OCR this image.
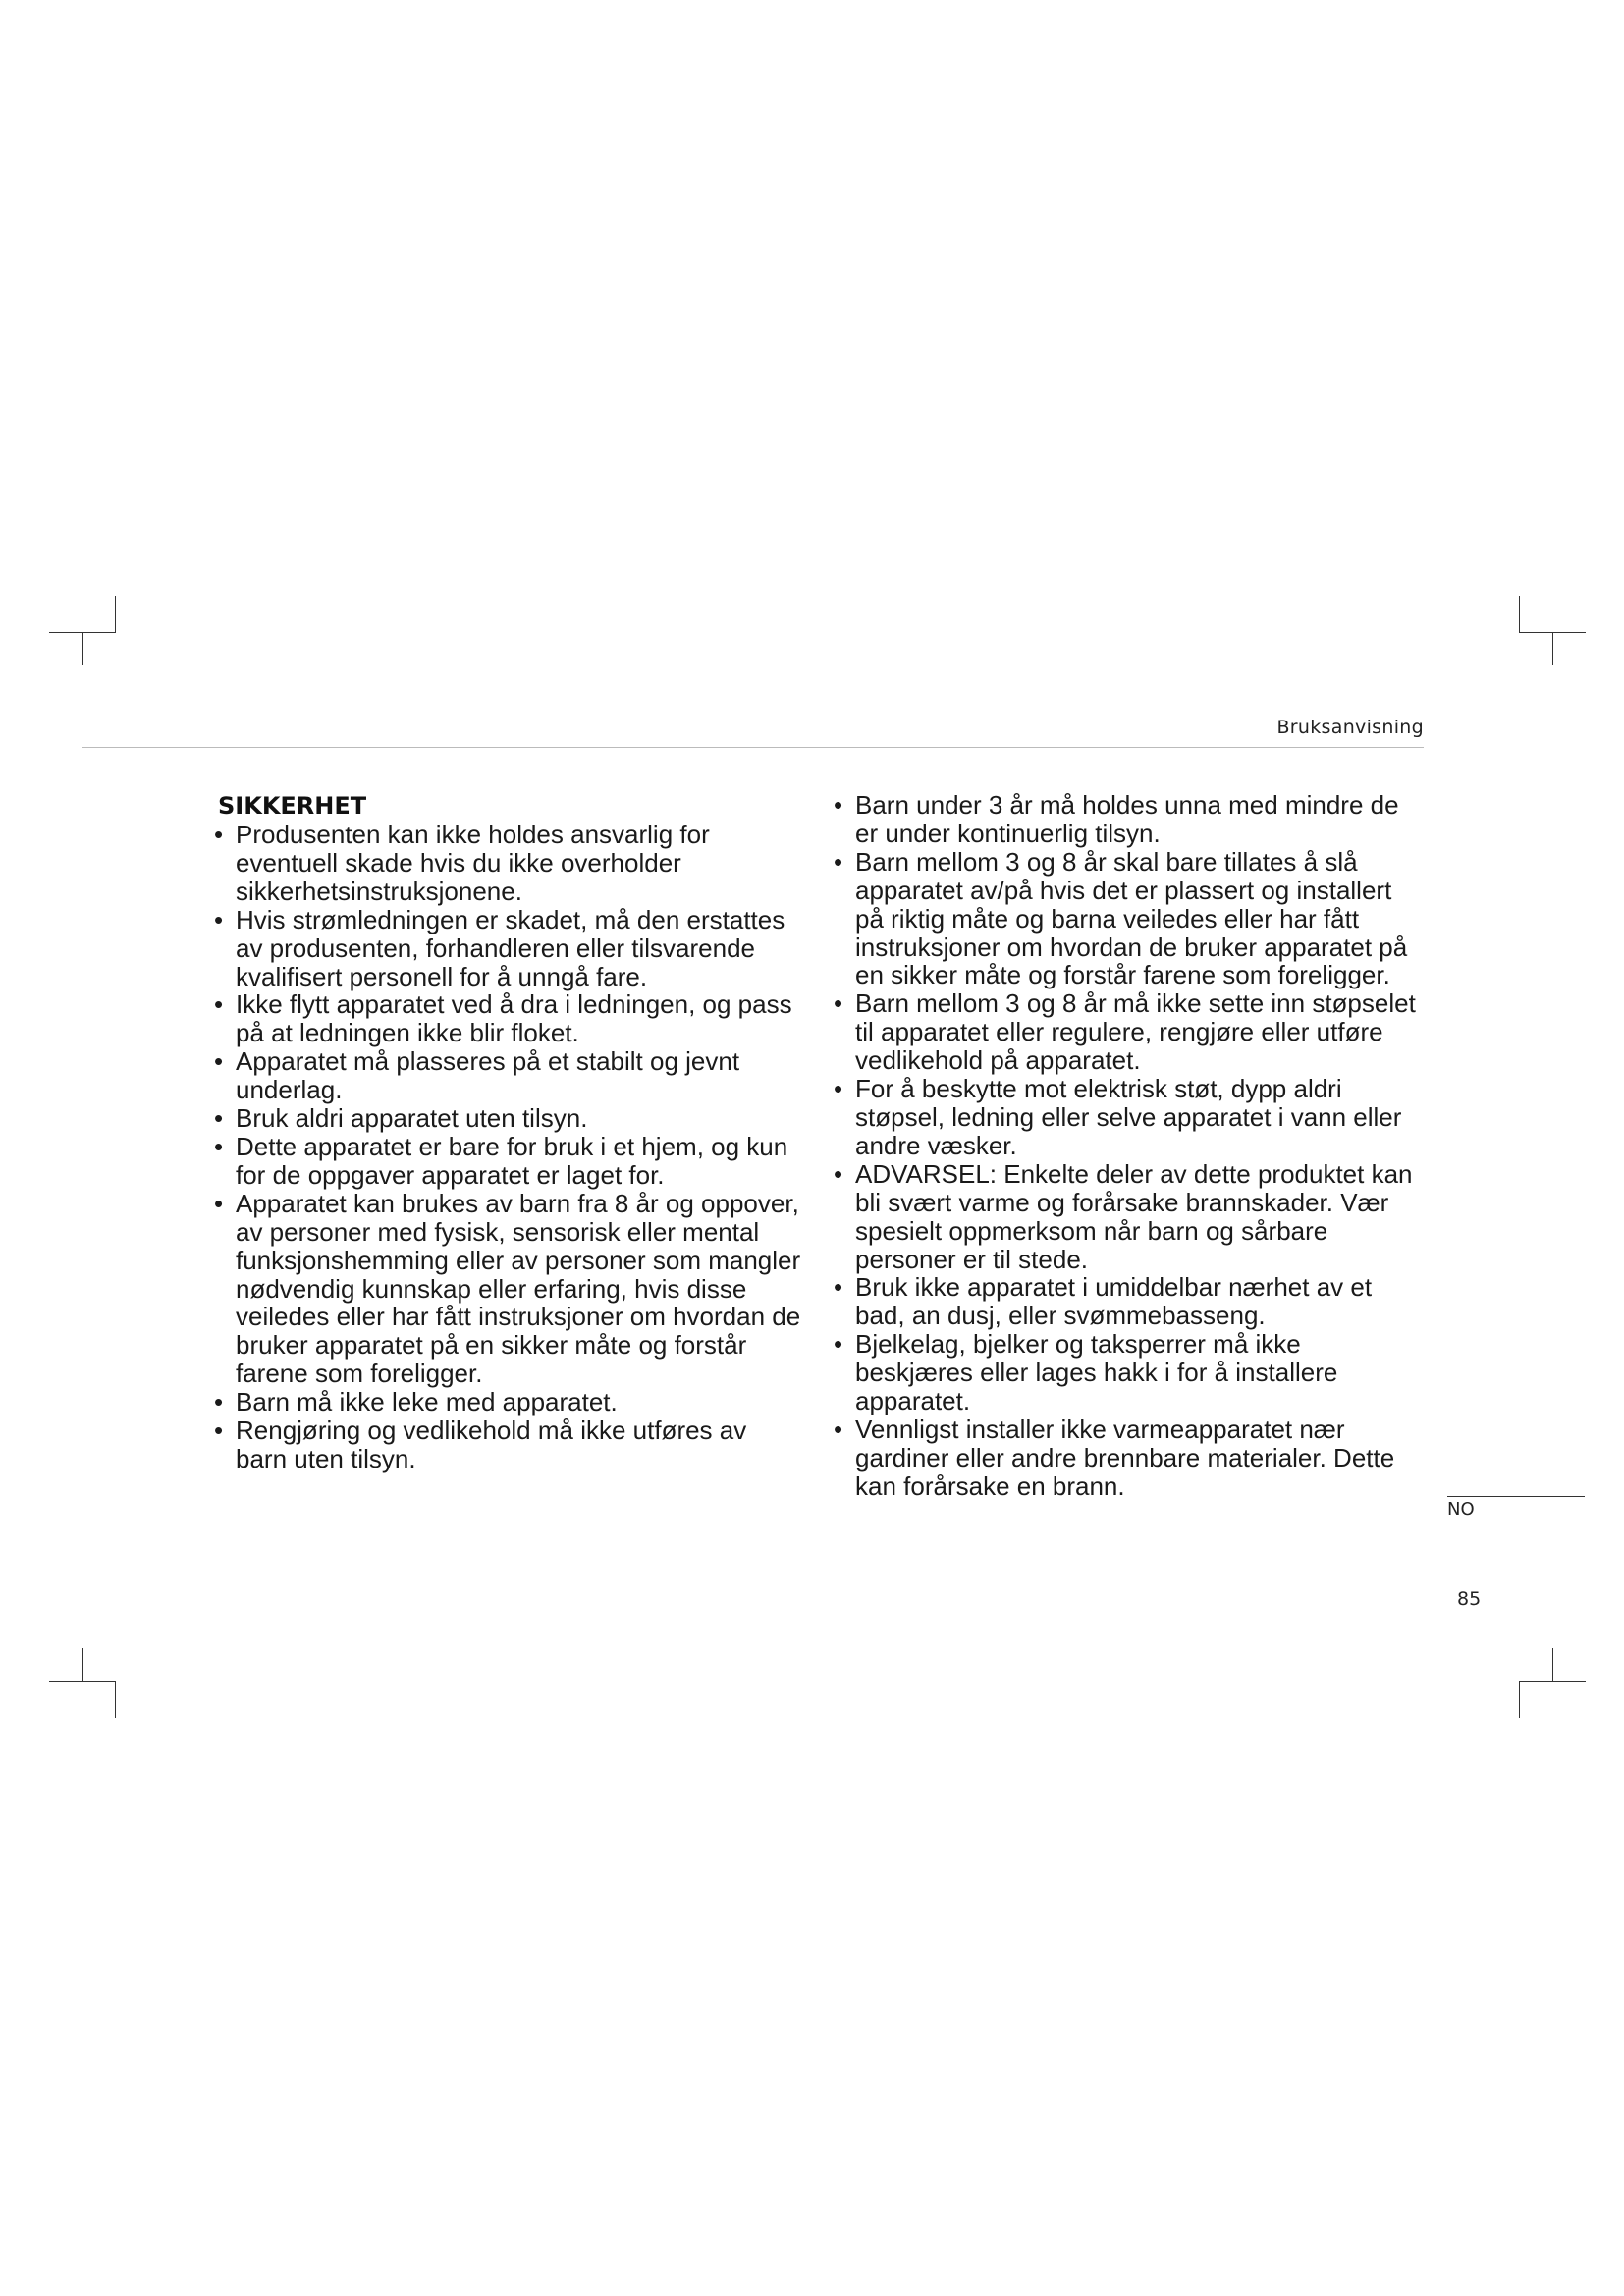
Bruksanvisning
SIKKERHET
• Produsenten kan ikke holdes ansvarlig for eventuell skade hvis du ikke overholder sikkerhetsinstruksjonene.
• Hvis strømledningen er skadet, må den erstattes av produsenten, forhandleren eller tilsvarende kvalifisert personell for å unngå fare.
• Ikke flytt apparatet ved å dra i ledningen, og pass på at ledningen ikke blir floket.
• Apparatet må plasseres på et stabilt og jevnt underlag.
• Bruk aldri apparatet uten tilsyn.
• Dette apparatet er bare for bruk i et hjem, og kun for de oppgaver apparatet er laget for.
• Apparatet kan brukes av barn fra 8 år og oppover, av personer med fysisk, sensorisk eller mental funksjonshemming eller av personer som mangler nødvendig kunnskap eller erfaring, hvis disse veiledes eller har fått instruksjoner om hvordan de bruker apparatet på en sikker måte og forstår farene som foreligger.
• Barn må ikke leke med apparatet.
• Rengjøring og vedlikehold må ikke utføres av barn uten tilsyn.
• Barn under 3 år må holdes unna med mindre de er under kontinuerlig tilsyn.
• Barn mellom 3 og 8 år skal bare tillates å slå apparatet av/på hvis det er plassert og installert på riktig måte og barna veiledes eller har fått instruksjoner om hvordan de bruker apparatet på en sikker måte og forstår farene som foreligger.
• Barn mellom 3 og 8 år må ikke sette inn støpselet til apparatet eller regulere, rengjøre eller utføre vedlikehold på apparatet.
• For å beskytte mot elektrisk støt, dypp aldri støpsel, ledning eller selve apparatet i vann eller andre væsker.
• ADVARSEL: Enkelte deler av dette produktet kan bli svært varme og forårsake brannskader. Vær spesielt oppmerksom når barn og sårbare personer er til stede.
• Bruk ikke apparatet i umiddelbar nærhet av et bad, an dusj, eller svømmebasseng.
• Bjelkelag, bjelker og taksperrer må ikke beskjæres eller lages hakk i for å installere apparatet.
• Vennligst installer ikke varmeapparatet nær gardiner eller andre brennbare materialer. Dette kan forårsake en brann.
NO
85
